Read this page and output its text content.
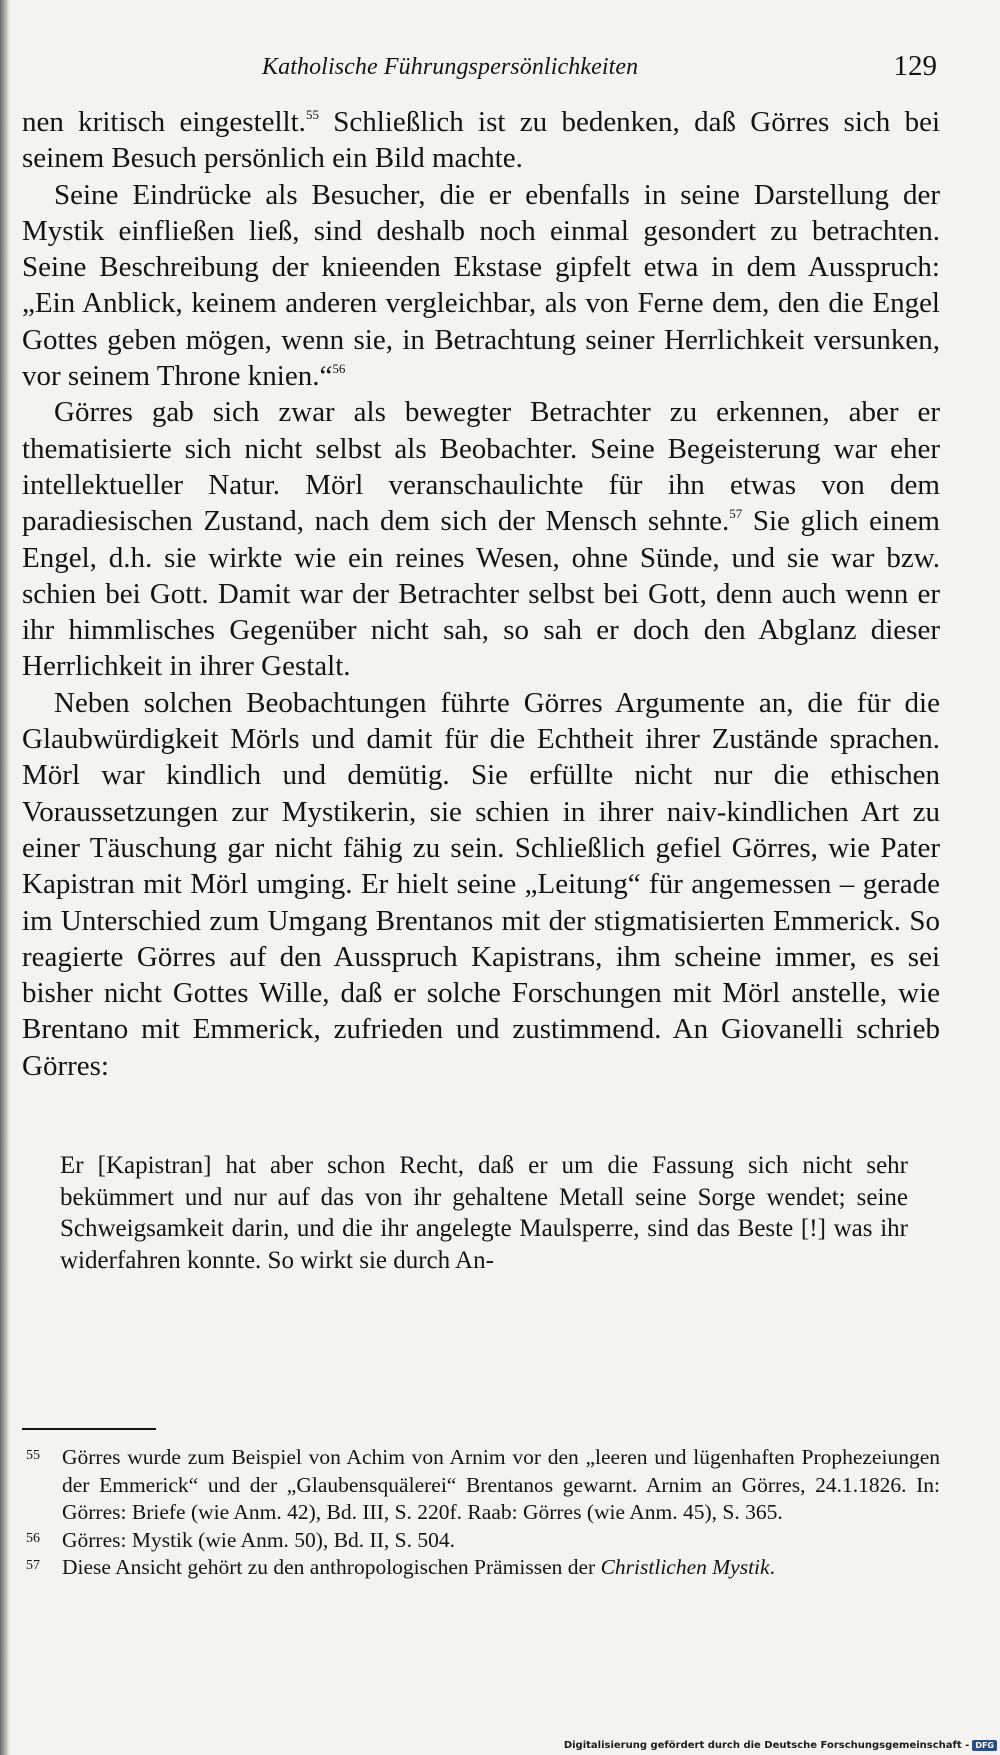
Katholische Führungspersönlichkeiten	129

nen kritisch eingestellt.$^{55}$ Schließlich ist zu bedenken, daß Görres sich bei seinem Besuch persönlich ein Bild machte.

Seine Eindrücke als Besucher, die er ebenfalls in seine Darstellung der Mystik einfließen ließ, sind deshalb noch einmal gesondert zu betrachten. Seine Beschreibung der knieenden Ekstase gipfelt etwa in dem Ausspruch: „Ein Anblick, keinem anderen vergleichbar, als von Ferne dem, den die Engel Gottes geben mögen, wenn sie, in Betrachtung seiner Herrlichkeit versunken, vor seinem Throne knien.“$^{56}$

Görres gab sich zwar als bewegter Betrachter zu erkennen, aber er thematisierte sich nicht selbst als Beobachter. Seine Begeisterung war eher intellektueller Natur. Mörl veranschaulichte für ihn etwas von dem paradiesischen Zustand, nach dem sich der Mensch sehnte.$^{57}$ Sie glich einem Engel, d.h. sie wirkte wie ein reines Wesen, ohne Sünde, und sie war bzw. schien bei Gott. Damit war der Betrachter selbst bei Gott, denn auch wenn er ihr himmlisches Gegenüber nicht sah, so sah er doch den Abglanz dieser Herrlichkeit in ihrer Gestalt.

Neben solchen Beobachtungen führte Görres Argumente an, die für die Glaubwürdigkeit Mörls und damit für die Echtheit ihrer Zustände sprachen. Mörl war kindlich und demütig. Sie erfüllte nicht nur die ethischen Voraussetzungen zur Mystikerin, sie schien in ihrer naiv-kindlichen Art zu einer Täuschung gar nicht fähig zu sein. Schließlich gefiel Görres, wie Pater Kapistran mit Mörl umging. Er hielt seine „Leitung“ für angemessen – gerade im Unterschied zum Umgang Brentanos mit der stigmatisierten Emmerick. So reagierte Görres auf den Ausspruch Kapistrans, ihm scheine immer, es sei bisher nicht Gottes Wille, daß er solche Forschungen mit Mörl anstelle, wie Brentano mit Emmerick, zufrieden und zustimmend. An Giovanelli schrieb Görres:

Er [Kapistran] hat aber schon Recht, daß er um die Fassung sich nicht sehr bekümmert und nur auf das von ihr gehaltene Metall seine Sorge wendet; seine Schweigsamkeit darin, und die ihr angelegte Maulsperre, sind das Beste [!] was ihr widerfahren konnte. So wirkt sie durch An-

55 Görres wurde zum Beispiel von Achim von Arnim vor den „leeren und lügenhaften Prophezeiungen der Emmerick“ und der „Glaubensquälerei“ Brentanos gewarnt. Arnim an Görres, 24.1.1826. In: Görres: Briefe (wie Anm. 42), Bd. III, S. 220f. Raab: Görres (wie Anm. 45), S. 365.
56 Görres: Mystik (wie Anm. 50), Bd. II, S. 504.
57 Diese Ansicht gehört zu den anthropologischen Prämissen der Christlichen Mystik.
Digitalisierung gefördert durch die Deutsche Forschungsgemeinschaft - DFG
